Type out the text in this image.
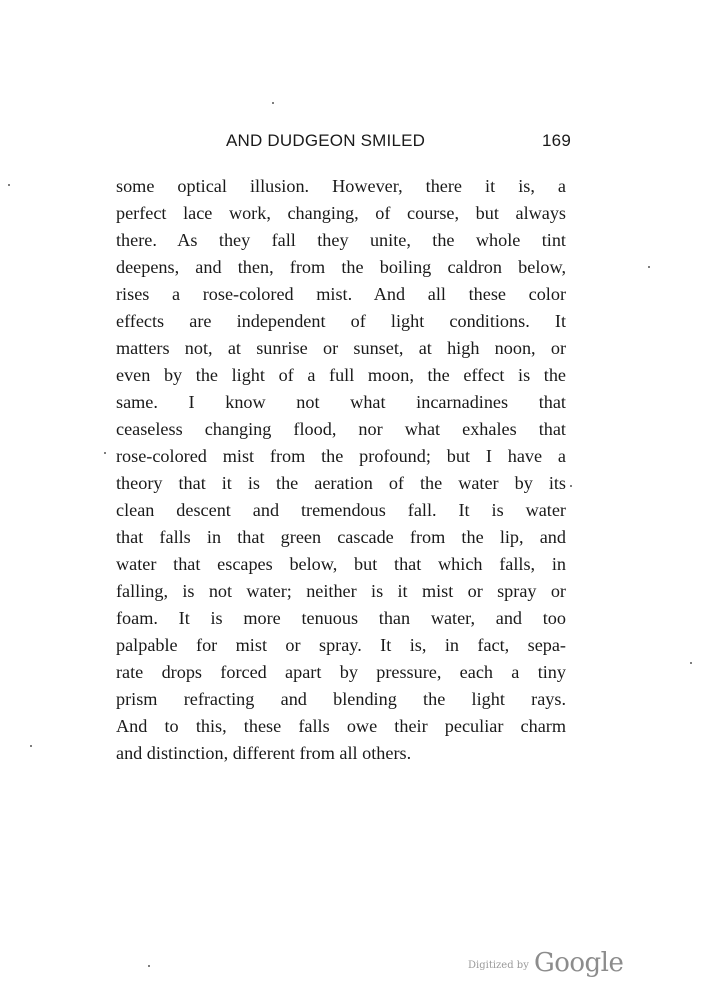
AND DUDGEON SMILED	169
some optical illusion. However, there it is, a
perfect lace work, changing, of course, but always
there. As they fall they unite, the whole tint
deepens, and then, from the boiling caldron below,
rises a rose-colored mist. And all these color
effects are independent of light conditions. It
matters not, at sunrise or sunset, at high noon, or
even by the light of a full moon, the effect is the
same. I know not what incarnadines that
ceaseless changing flood, nor what exhales that
rose-colored mist from the profound; but I have a
theory that it is the aeration of the water by its
clean descent and tremendous fall. It is water
that falls in that green cascade from the lip, and
water that escapes below, but that which falls, in
falling, is not water; neither is it mist or spray or
foam. It is more tenuous than water, and too
palpable for mist or spray. It is, in fact, sepa-
rate drops forced apart by pressure, each a tiny
prism refracting and blending the light rays.
And to this, these falls owe their peculiar charm
and distinction, different from all others.
Digitized by Google
